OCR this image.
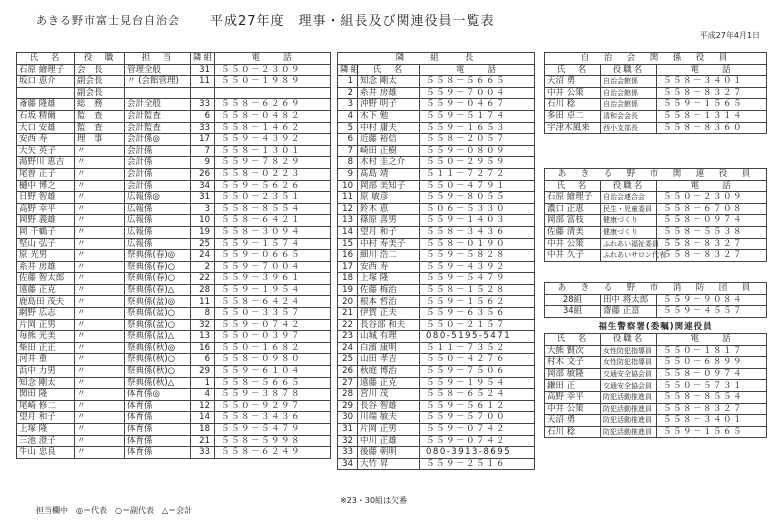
あきる野市富士見台自治会 平成27年度　理事・組長及び関連役員一覧表
平成27年4月1日
氏　名	役　職	担　当	隣組	電　　話
石原 繪理子	会　長	管理全般	31	５５０－２３０９
坂口 恵介	副会長	〃 (会館管理)	11	５５０－１９８９
	副会長			
斎藤 隆雄	総　務	会計全般	33	５５８－６２６９
石坂 精爾	監　査	会計監査	6	５５８－０４８２
大口 安雄	監　査	会計監査	33	５５８－１４６２
安西 寿	理　事	会計係◎	17	５５９－４３９２
大矢 英子	〃	会計係	7	５５８－１３０１
湯野川 恵吉	〃	会計係	9	５５９－７８２９
尾曽 正子	〃	会計係	26	５５８－０２２３
樋中 博之	〃	会計係	34	５５９－５６２６
日野 智雄	〃	広報係◎	31	５５０－２３５１
高野 幸平	〃	広報係	3	５５８－８５５４
岡野 義雄	〃	広報係	10	５５８－６４２１
岡 千鶴子	〃	広報係	19	５５８－３０９４
堅山 弘子	〃	広報係	25	５５９－１５７４
原 光男	〃	祭典係(春)◎	24	５５９－０６６５
糸井 房雄	〃	祭典係(春)○	2	５５９－７００４
佐藤 智太郎	〃	祭典係(春)○	22	５５９－３９６１
遠藤 正克	〃	祭典係(春)△	28	５５９－１９５４
鹿島田 茂夫	〃	祭典係(盆)◎	11	５５８－６４２４
網野 広志	〃	祭典係(盆)○	8	５５０－３３５７
片岡 正男	〃	祭典係(盆)○	32	５５９－０７４２
毎熊 光美	〃	祭典係(盆)△	13	５５０－０３９７
柴田 正正	〃	祭典係(秋)◎	16	５５０－１６８２
河井 重	〃	祭典係(秋)○	6	５５８－０９８０
浜中 力男	〃	祭典係(秋)○	29	５５９－６１０４
知念 剛太	〃	祭典係(秋)△	1	５５８－５６６５
関田 隆	〃	体育係◎	4	５５９－３８７８
尾崎 修二	〃	体育係	12	５５０－９２９７
望月 和子	〃	体育係	14	５５８－３４３６
上塚 隆	〃	体育係	18	５５９－５４７９
三池 澄子	〃	体育係	21	５５８－５９９８
牛山 忠良	〃	体育係	33	５５８－６２４９
隣　　組　　長		
隣組	氏　名	電　　話
1	知念 剛太	５５８－５６６５
2	糸井 房雄	５５９－７００４
3	沖野 明子	５５９－０４６７
4	木下 勉	５５９－５１７４
5	中村 庸夫	５５９－１６５３
6	近藤 裕信	５５８－２０５７
7	崎田 正樹	５５９－０８０９
8	木村 圭之介	５５０－２９５９
9	髙島 靖	５１１－７２７２
10	岡部 美知子	５５０－４７９１
11	原 敏彦	５５９－８０５５
12	鈴木 恵	５０６－５３３０
13	篠原 喜男	５５９－１４０３
14	望月 和子	５５８－３４３６
15	中村 寿美子	５５８－０１９０
16	細川 浩二	５５９－５８２８
17	安西 寿	５５９－４３９２
18	上塚 隆	５５９－５４７９
19	佐藤 梅治	５５８－１５２８
20	根本 哲治	５５９－１５６２
21	伊賀 正夫	５５９－６３５６
22	長谷部 和夫	５５０－２１５７
23	山城 有理	080-5195-5471
24	白濱 康明	５１１－７３５２
25	山田 孝吉	５５０－４２７６
26	秋庭 博治	５５９－７５０６
27	遠藤 正克	５５９－１９５４
28	宮川 茂	５５８－６５２４
29	長谷 智雄	５５９－５６１２
30	川端 敏夫	５５９－５７００
31	片岡 正男	５５９－０７４２
32	中川 正雄	５５９－０７４２
33	後藤 朝明	080-3913-8695
34	大竹 昇	５５９－２５１６
自　治　会　関　係　役　員		
氏　名	役職名	電　　話
天沼 勇	自治会館係	５５８－３４０１
中井 公策	自治会館係	５５８－８３２７
石川 稔	自治会館係	５５９－１５６５
多田 卓二	清和会会長	５５８－１３１４
宇津木風来	西小支部長	５５８－８３６０
あ　き　る　野　市　関　連　役　員		
氏　名	役職名	電　　話
石原 繪理子	自治会連合会	５５０－２３０９
濃口 正恵	民生・児童委員	５５８－６７０８
岡部 富枝	健康づくり	５５８－０９７４
佐藤 清美	健康づくり	５５８－５５３８
中井 公策	ふれあい福祉委員	５５８－８３２７
中井 久子	ふれあいサロン代表	５５８－８３２７
あ　き　る　野　市　消　防　団　員		
28組	田中 将太郎	５５９－９０８４
34組	齋藤 正富	５５９－４５５７
福生警察署(委嘱)関連役員		
氏　名	役職名	電　　話
大熊 賢次	女性防犯指導員	５５０－１８１７
村木 文子	女性防犯指導員	５５０－６８９９
岡部 敏隆	交通安全協会員	５５８－０９７４
鎌田 正	交通安全協会員	５５０－５７３１
高野 幸平	防犯活動推進員	５５８－８５５４
中井 公策	防犯活動推進員	５５８－８３２７
天沼 勇	防犯活動推進員	５５８－３４０１
石川 稔	防犯活動推進員	５５９－１５６５
※23・30組は欠番
担当欄中　◎＝代表　○＝副代表　△＝会計
